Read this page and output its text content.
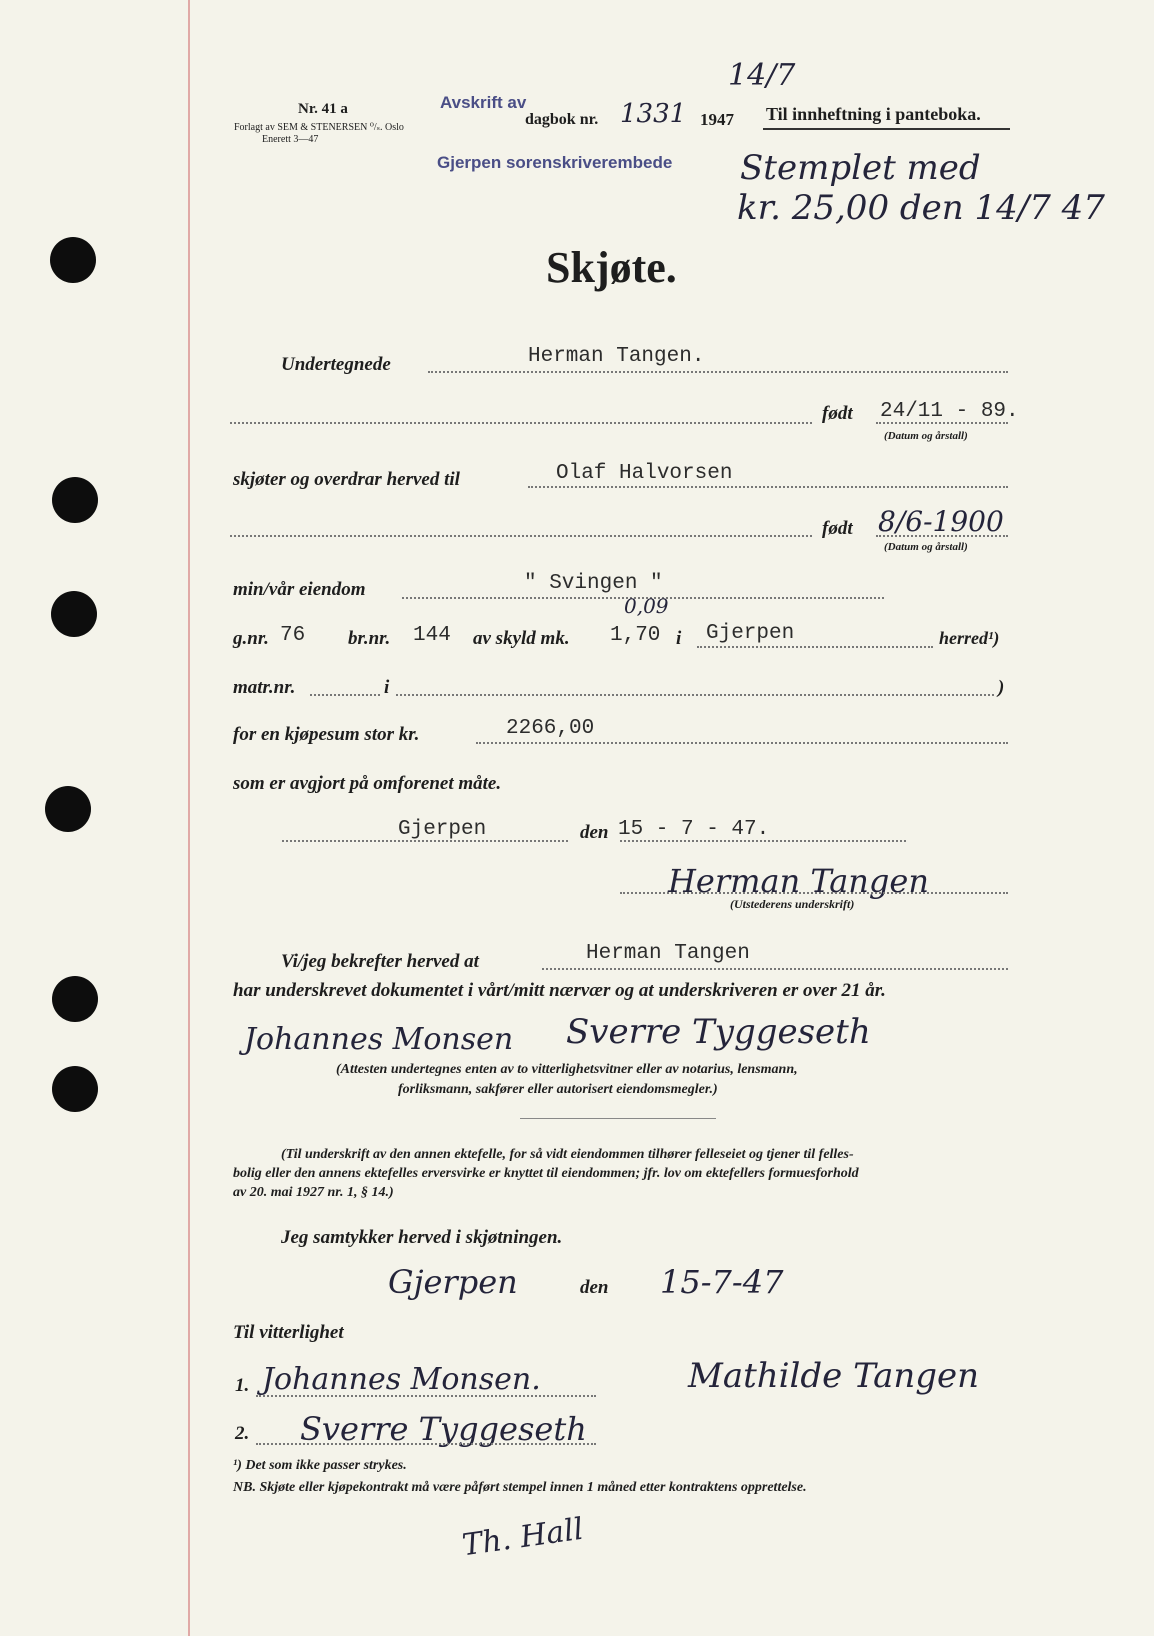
Nr. 41 a
Forlagt av SEM & STENERSEN ⁰/ₛ. Oslo
Enerett 3—47
Avskrift av
dagbok nr. 1331
14/7
1947
Gjerpen sorenskriverembede
Til innheftning i panteboka.
Stemplet med
kr. 25,00 den 14/7 47
Skjøte.
Undertegnede	Herman Tangen.
født 24/11 - 89.
(Datum og årstall)
skjøter og overdrar herved til	Olaf Halvorsen
født 8/6-1900
(Datum og årstall)
min/vår eiendom	" Svingen "
0,09
g.nr. 76 br.nr. 144 av skyld mk. 1,70 i Gjerpen	herred¹)
matr.nr.	i	)
for en kjøpesum stor kr.	2266,00
som er avgjort på omforenet måte.
Gjerpen	den 15 - 7 - 47.
Herman Tangen
(Utstederens underskrift)
Vi/jeg bekrefter herved at	Herman Tangen
har underskrevet dokumentet i vårt/mitt nærvær og at underskriveren er over 21 år.
Johannes Monsen Sverre Tyggeseth
(Attesten undertegnes enten av to vitterlighetsvitner eller av notarius, lensmann,
forliksmann, sakfører eller autorisert eiendomsmegler.)
(Til underskrift av den annen ektefelle, for så vidt eiendommen tilhører felleseiet og tjener til felles-
bolig eller den annens ektefelles erversvirke er knyttet til eiendommen; jfr. lov om ektefellers formuesforhold
av 20. mai 1927 nr. 1, § 14.)
Jeg samtykker herved i skjøtningen.
Gjerpen	den 15-7-47
Til vitterlighet
1. Johannes Monsen.	Mathilde Tangen
2. Sverre Tyggeseth
¹) Det som ikke passer strykes.
NB. Skjøte eller kjøpekontrakt må være påført stempel innen 1 måned etter kontraktens opprettelse.
Th. Hall
